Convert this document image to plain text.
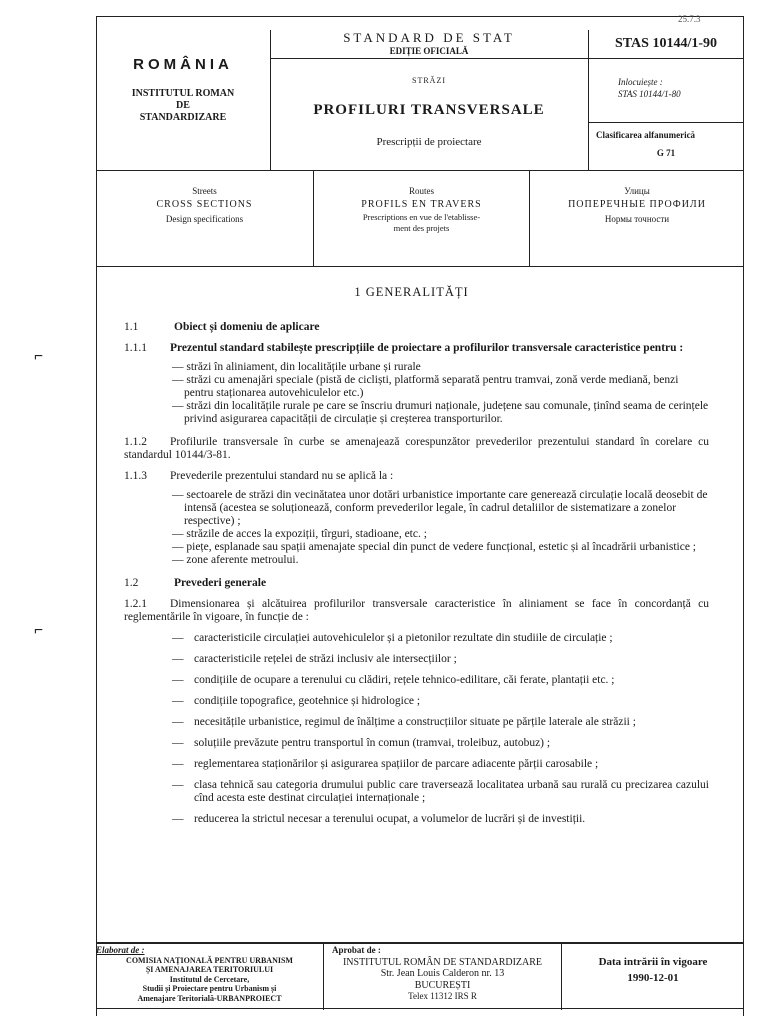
25.7.3
ROMÂNIA
INSTITUTUL ROMAN
DE
STANDARDIZARE
STANDARD DE STAT
EDIȚIE OFICIALĂ
STRĂZI
PROFILURI TRANSVERSALE
Prescripții de proiectare
STAS 10144/1-90
Inlocuiește :
STAS 10144/1-80
Clasificarea alfanumerică
G 71
Streets
CROSS SECTIONS
Design specifications
Routes
PROFILS EN TRAVERS
Prescriptions en vue de l'etablisse-
ment des projets
Улицы
ПОПЕРЕЧНЫЕ ПРОФИЛИ
Нормы точности
⌐
⌐
1 GENERALITĂȚI
1.1	Obiect și domeniu de aplicare
1.1.1 Prezentul standard stabilește prescripțiile de proiectare a profilurilor transversale caracteristice pentru :
— străzi în aliniament, din localitățile urbane și rurale
— străzi cu amenajări speciale (pistă de cicliști, platformă separată pentru tramvai, zonă verde mediană, benzi pentru staționarea autovehiculelor etc.)
— străzi din localitățile rurale pe care se înscriu drumuri naționale, județene sau comunale, ținînd seama de cerințele privind asigurarea capacității de circulație și creșterea transporturilor.
1.1.2 Profilurile transversale în curbe se amenajează corespunzător prevederilor prezentului standard în corelare cu standardul 10144/3-81.
1.1.3 Prevederile prezentului standard nu se aplică la :
— sectoarele de străzi din vecinătatea unor dotări urbanistice importante care generează circulație locală deosebit de intensă (acestea se soluționează, conform prevederilor legale, în cadrul detaliilor de sistematizare a zonelor respective) ;
— străzile de acces la expoziții, tîrguri, stadioane, etc. ;
— piețe, esplanade sau spații amenajate special din punct de vedere funcțional, estetic și al încadrării urbanistice ;
— zone aferente metroului.
1.2	Prevederi generale
1.2.1 Dimensionarea și alcătuirea profilurilor transversale caracteristice în aliniament se face în concordanță cu reglementările în vigoare, în funcție de :
— caracteristicile circulației autovehiculelor și a pietonilor rezultate din studiile de circulație ;
— caracteristicile rețelei de străzi inclusiv ale intersecțiilor ;
— condițiile de ocupare a terenului cu clădiri, rețele tehnico-edilitare, căi ferate, plantații etc. ;
— condițiile topografice, geotehnice și hidrologice ;
— necesitățile urbanistice, regimul de înălțime a construcțiilor situate pe părțile laterale ale străzii ;
— soluțiile prevăzute pentru transportul în comun (tramvai, troleibuz, autobuz) ;
— reglementarea staționărilor și asigurarea spațiilor de parcare adiacente părții carosabile ;
— clasa tehnică sau categoria drumului public care traversează localitatea urbană sau rurală cu precizarea cazului cînd acesta este destinat circulației internaționale ;
— reducerea la strictul necesar a terenului ocupat, a volumelor de lucrări și de investiții.
Elaborat de :
COMISIA NAȚIONALĂ PENTRU URBANISM
ȘI AMENAJAREA TERITORIULUI
Institutul de Cercetare,
Studii și Proiectare pentru Urbanism și
Amenajare Teritorială-URBANPROIECT
Aprobat de :
INSTITUTUL ROMÂN DE STANDARDIZARE
Str. Jean Louis Calderon nr. 13
BUCUREȘTI
Telex 11312 IRS R
Data intrării în vigoare
1990-12-01
